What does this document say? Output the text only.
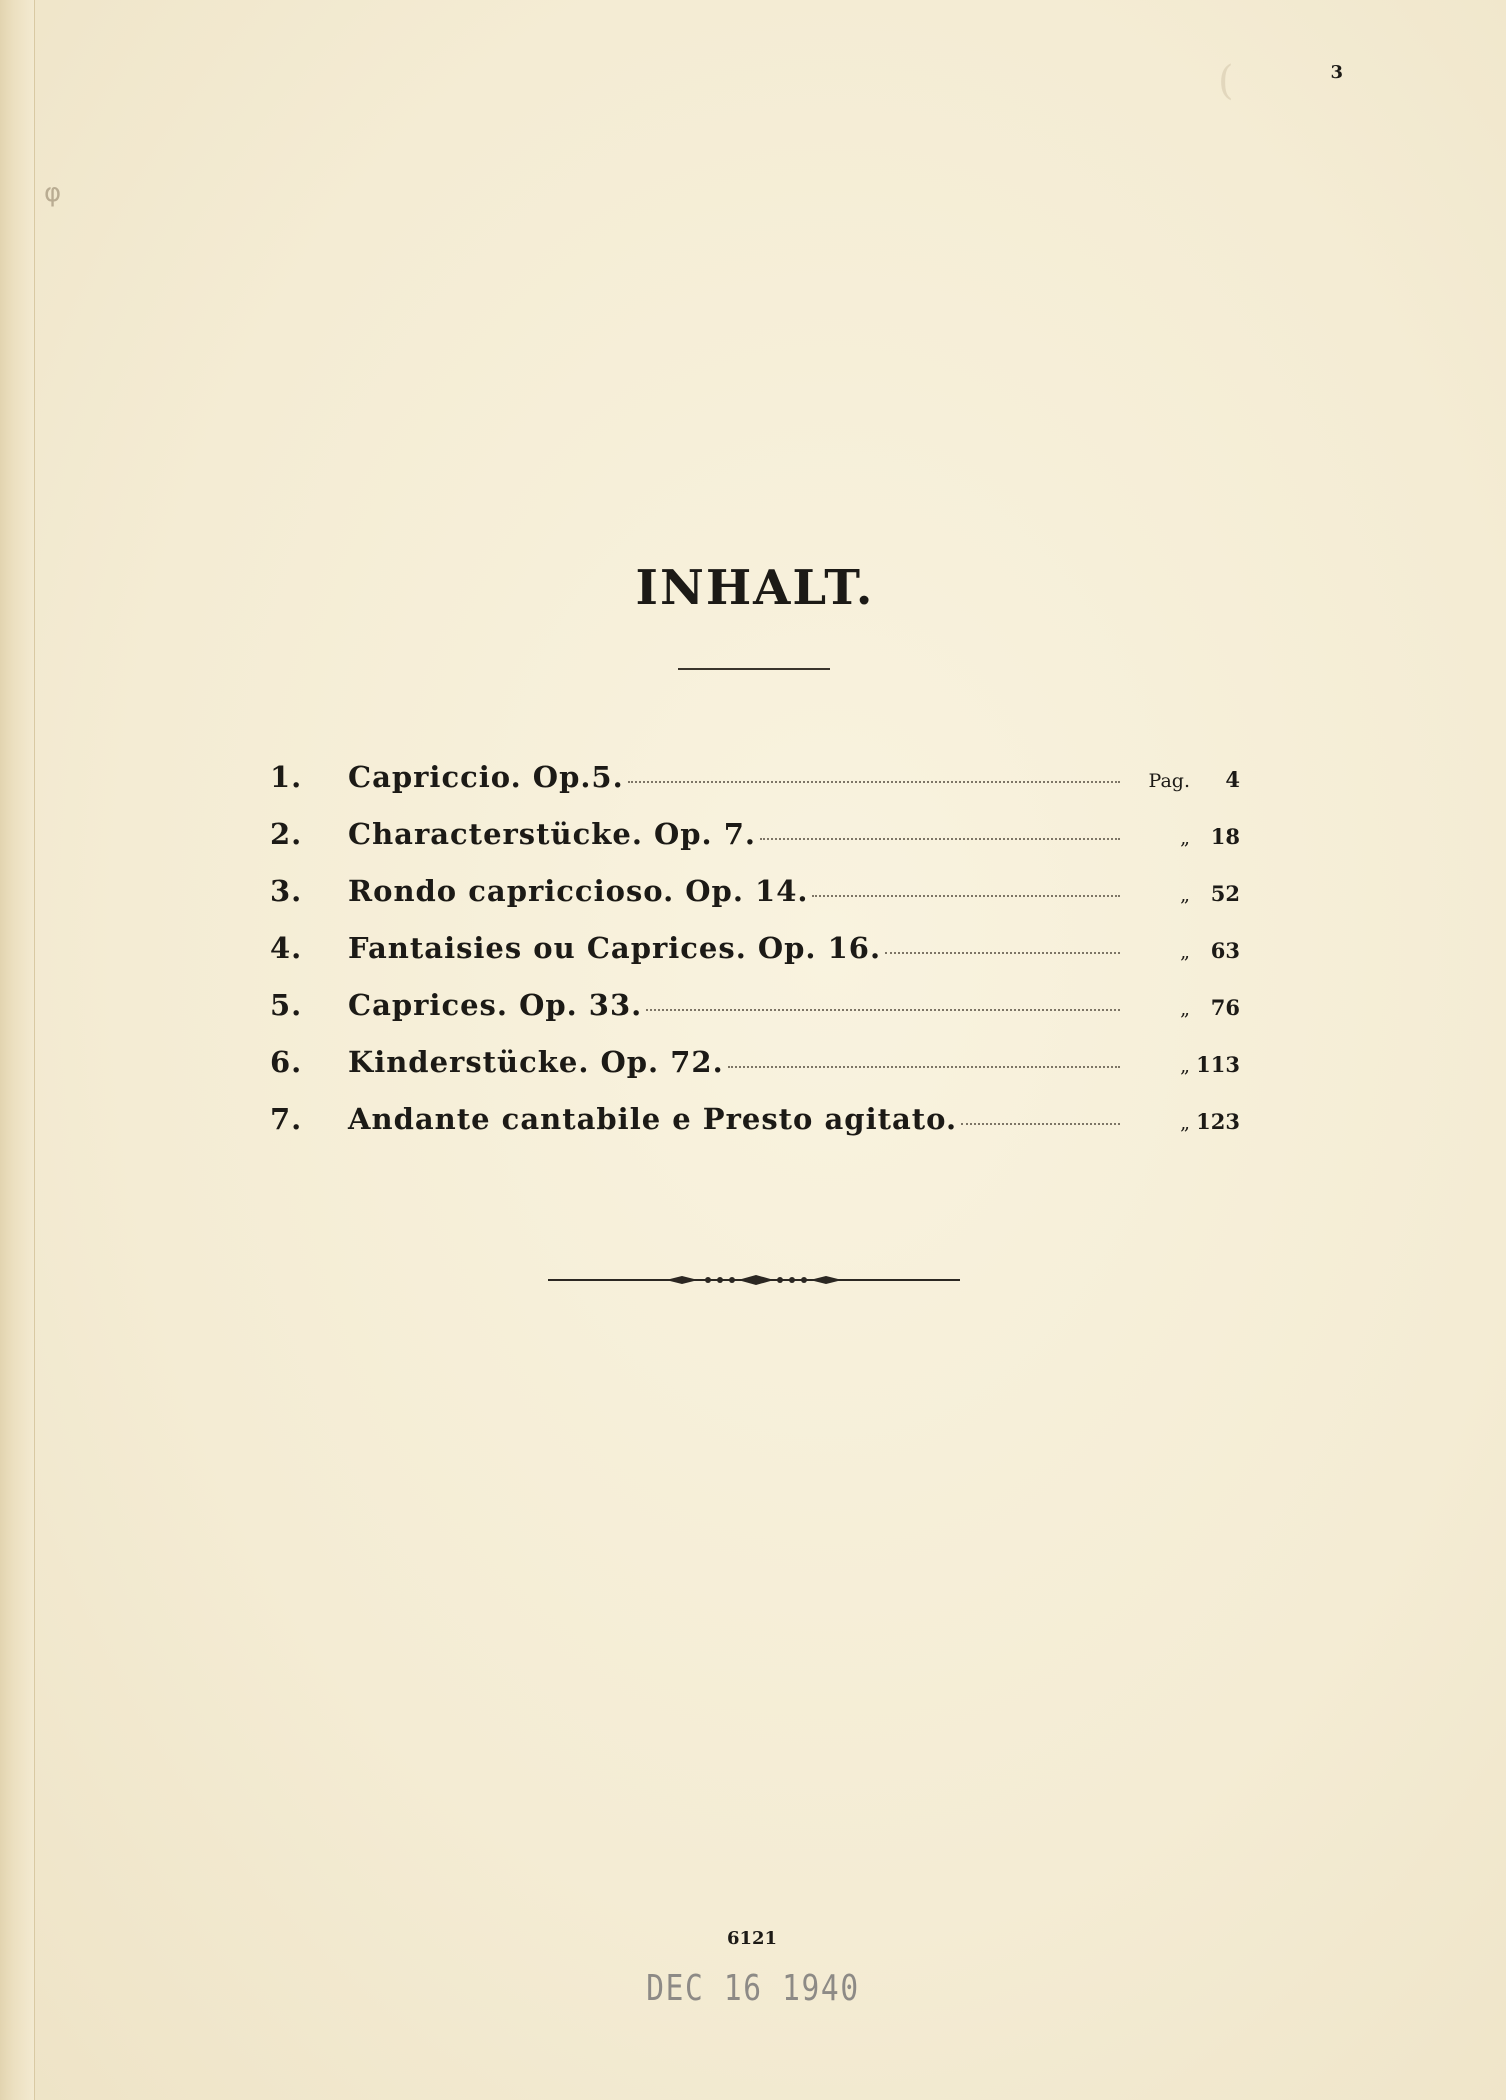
φ
(	3
INHALT.
1.	Capriccio. Op.5.	Pag.	4
2.	Characterstücke. Op. 7.	„ 18
3.	Rondo capriccioso. Op. 14.	„ 52
4.	Fantaisies ou Caprices. Op. 16.	„ 63
5.	Caprices. Op. 33.	„ 76
6.	Kinderstücke. Op. 72.	„ 113
7.	Andante cantabile e Presto agitato.	„ 123
6121
DEC 16 1940
